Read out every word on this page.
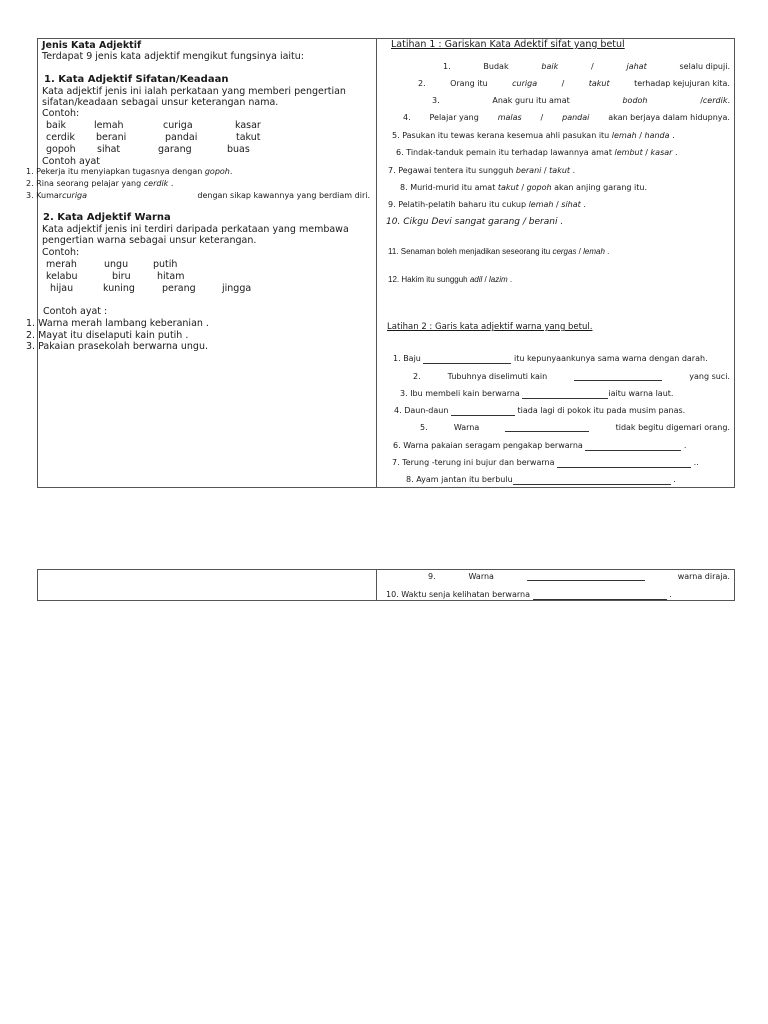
Jenis Kata Adjektif
Terdapat 9 jenis kata adjektif mengikut fungsinya iaitu:
1. Kata Adjektif Sifatan/Keadaan
Kata adjektif jenis ini ialah perkataan yang memberi pengertian
sifatan/keadaan sebagai unsur keterangan nama.
Contoh:
baik	lemah	curiga	kasar
cerdik berani	pandai	takut
gopoh sihat	garang	buas
Contoh ayat
1. Pekerja itu menyiapkan tugasnya dengan gopoh.
2. Rina seorang pelajar yang cerdik .
3. Kumar curiga	dengan sikap kawannya yang berdiam diri.
2. Kata Adjektif Warna
Kata adjektif jenis ini terdiri daripada perkataan yang membawa
pengertian warna sebagai unsur keterangan.
Contoh:
merah	ungu	putih
kelabu	biru	hitam
hijau	kuning	perang	jingga
Contoh ayat :
1. Warna merah lambang keberanian .
2. Mayat itu diselaputi kain putih .
3. Pakaian prasekolah berwarna ungu.
Latihan 1 : Gariskan Kata Adektif sifat yang betul
1.	Budak	baik	/	jahat	selalu dipuji.
2.	Orang itu	curiga	/	takut	terhadap kejujuran kita.
3.	Anak guru itu amat	bodoh	/cerdik.
4. Pelajar yang malas / pandai akan berjaya dalam hidupnya.
5. Pasukan itu tewas kerana kesemua ahli pasukan itu lemah / handa .
6. Tindak-tanduk pemain itu terhadap lawannya amat lembut / kasar .
7. Pegawai tentera itu sungguh berani / takut .
8. Murid-murid itu amat takut / gopoh akan anjing garang itu.
9. Pelatih-pelatih baharu itu cukup lemah / sihat .
10. Cikgu Devi sangat garang / berani .
11. Senaman boleh menjadikan seseorang itu cergas / lemah .
12. Hakim itu sungguh adil / lazim .
Latihan 2 : Garis kata adjektif warna yang betul.
1. Baju	itu kepunyaankunya sama warna dengan darah.
2.	Tubuhnya diselimuti kain	yang suci.
3. Ibu membeli kain berwarna	iaitu warna laut.
4. Daun-daun	tiada lagi di pokok itu pada musim panas.
5.	Warna	tidak begitu digemari orang.
6. Warna pakaian seragam pengakap berwarna	.
7. Terung -terung ini bujur dan berwarna	..
8. Ayam jantan itu berbulu	.
9.	Warna	warna diraja.
10. Waktu senja kelihatan berwarna	.
